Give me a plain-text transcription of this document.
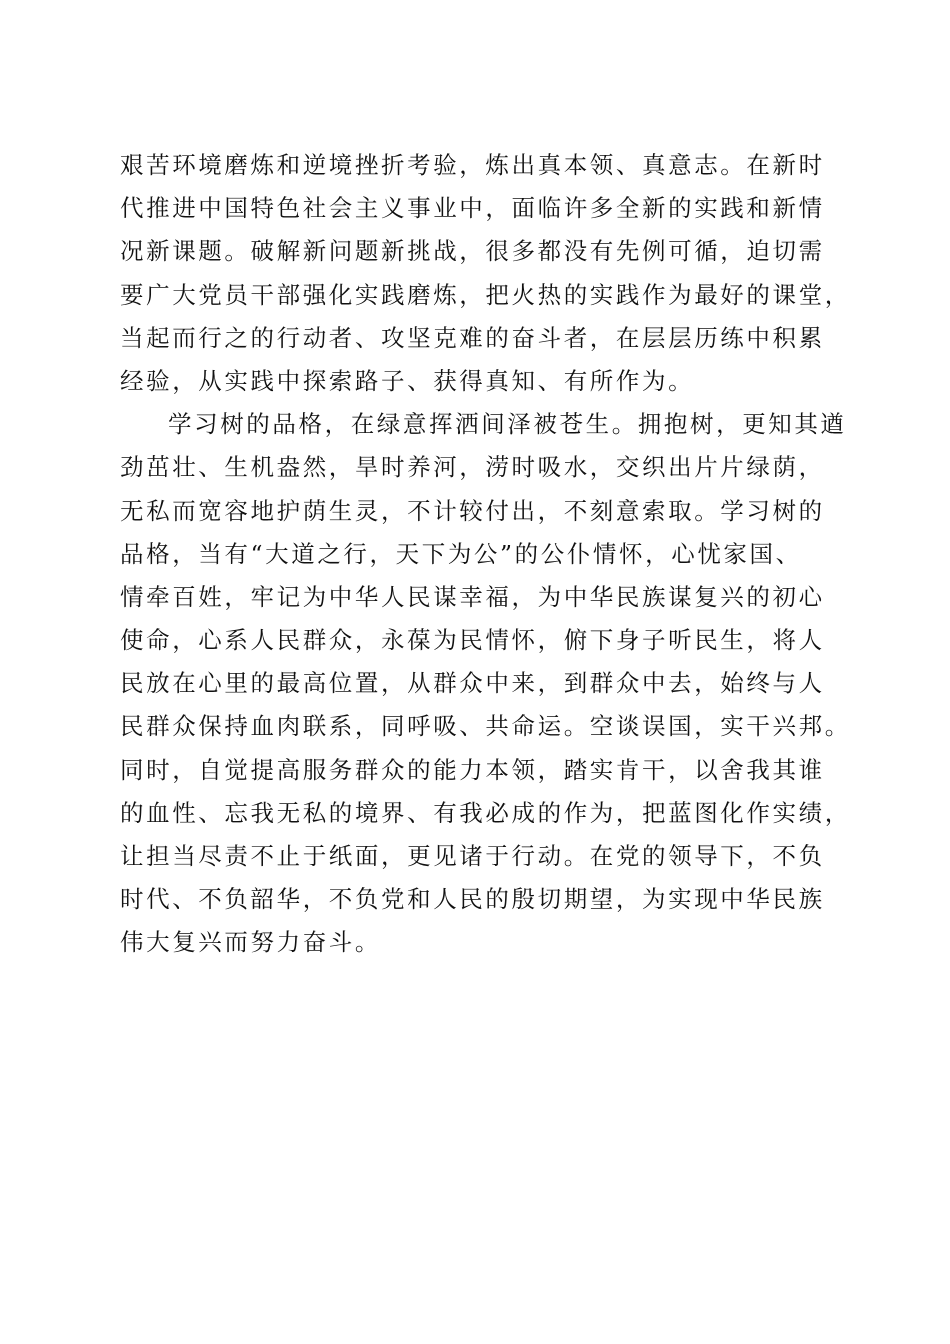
艰苦环境磨炼和逆境挫折考验，炼出真本领、真意志。在新时
代推进中国特色社会主义事业中，面临许多全新的实践和新情
况新课题。破解新问题新挑战，很多都没有先例可循，迫切需
要广大党员干部强化实践磨炼，把火热的实践作为最好的课堂，
当起而行之的行动者、攻坚克难的奋斗者，在层层历练中积累
经验，从实践中探索路子、获得真知、有所作为。
学习树的品格，在绿意挥洒间泽被苍生。拥抱树，更知其遒
劲茁壮、生机盎然，旱时养河，涝时吸水，交织出片片绿荫，
无私而宽容地护荫生灵，不计较付出，不刻意索取。学习树的
品格，当有“大道之行，天下为公”的公仆情怀，心忧家国、
情牵百姓，牢记为中华人民谋幸福，为中华民族谋复兴的初心
使命，心系人民群众，永葆为民情怀，俯下身子听民生，将人
民放在心里的最高位置，从群众中来，到群众中去，始终与人
民群众保持血肉联系，同呼吸、共命运。空谈误国，实干兴邦。
同时，自觉提高服务群众的能力本领，踏实肯干，以舍我其谁
的血性、忘我无私的境界、有我必成的作为，把蓝图化作实绩，
让担当尽责不止于纸面，更见诸于行动。在党的领导下，不负
时代、不负韶华，不负党和人民的殷切期望，为实现中华民族
伟大复兴而努力奋斗。
